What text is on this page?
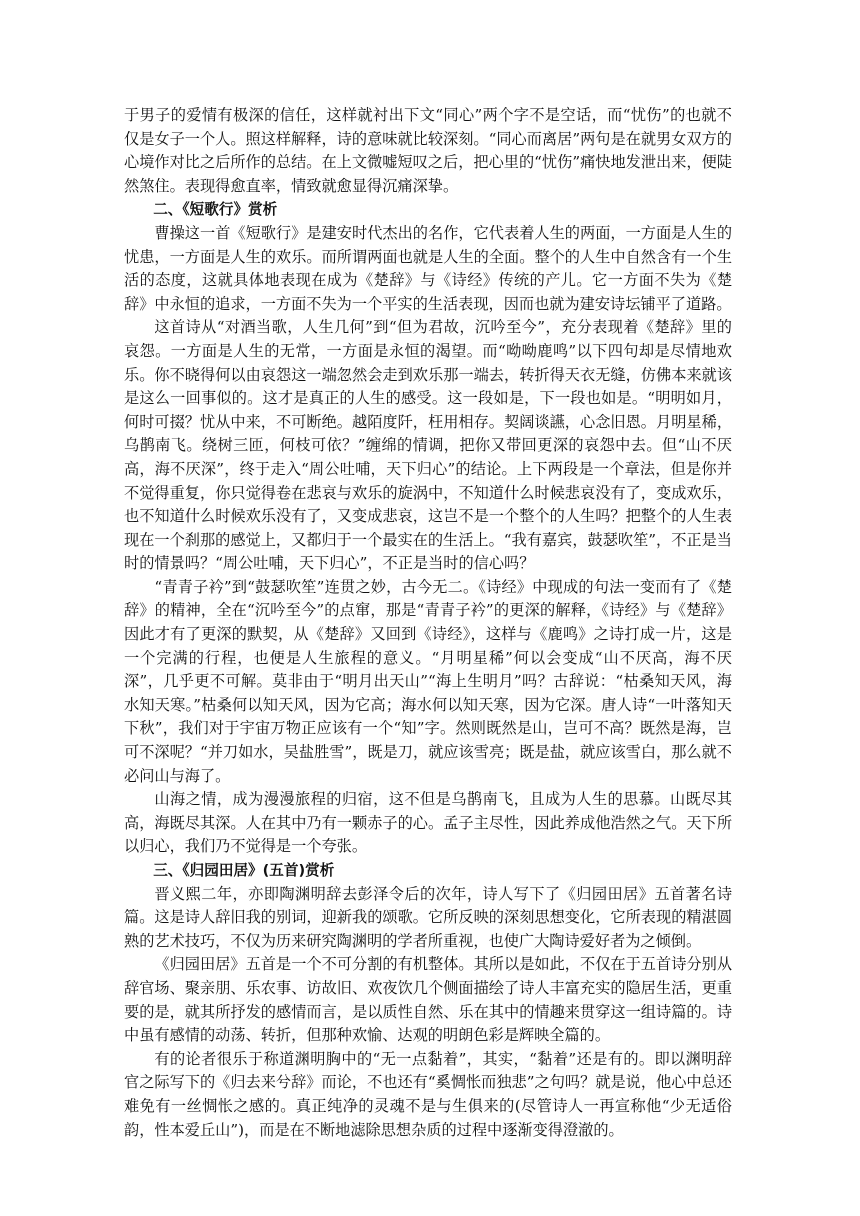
于男子的爱情有极深的信任，这样就衬出下文“同心”两个字不是空话，而“忧伤”的也就不仅是女子一个人。照这样解释，诗的意味就比较深刻。“同心而离居”两句是在就男女双方的心境作对比之后所作的总结。在上文微嘘短叹之后，把心里的“忧伤”痛快地发泄出来，便陡然煞住。表现得愈直率，情致就愈显得沉痛深挚。

二、《短歌行》赏析

曹操这一首《短歌行》是建安时代杰出的名作，它代表着人生的两面，一方面是人生的忧患，一方面是人生的欢乐。而所谓两面也就是人生的全面。整个的人生中自然含有一个生活的态度，这就具体地表现在成为《楚辞》与《诗经》传统的产儿。它一方面不失为《楚辞》中永恒的追求，一方面不失为一个平实的生活表现，因而也就为建安诗坛铺平了道路。

这首诗从“对酒当歌，人生几何”到“但为君故，沉吟至今”，充分表现着《楚辞》里的哀怨。一方面是人生的无常，一方面是永恒的渴望。而“呦呦鹿鸣”以下四句却是尽情地欢乐。你不晓得何以由哀怨这一端忽然会走到欢乐那一端去，转折得天衣无缝，仿佛本来就该是这么一回事似的。这才是真正的人生的感受。这一段如是，下一段也如是。“明明如月，何时可掇？忧从中来，不可断绝。越陌度阡，枉用相存。契阔谈讌，心念旧恩。月明星稀，乌鹊南飞。绕树三匝，何枝可依？”缠绵的情调，把你又带回更深的哀怨中去。但“山不厌高，海不厌深”，终于走入“周公吐哺，天下归心”的结论。上下两段是一个章法，但是你并不觉得重复，你只觉得卷在悲哀与欢乐的旋涡中，不知道什么时候悲哀没有了，变成欢乐，也不知道什么时候欢乐没有了，又变成悲哀，这岂不是一个整个的人生吗？把整个的人生表现在一个刹那的感觉上，又都归于一个最实在的生活上。“我有嘉宾，鼓瑟吹笙”，不正是当时的情景吗？“周公吐哺，天下归心”，不正是当时的信心吗？

“青青子衿”到“鼓瑟吹笙”连贯之妙，古今无二。《诗经》中现成的句法一变而有了《楚辞》的精神，全在“沉吟至今”的点窜，那是“青青子衿”的更深的解释，《诗经》与《楚辞》因此才有了更深的默契，从《楚辞》又回到《诗经》，这样与《鹿鸣》之诗打成一片，这是一个完满的行程，也便是人生旅程的意义。“月明星稀”何以会变成“山不厌高，海不厌深”，几乎更不可解。莫非由于“明月出天山”“海上生明月”吗？古辞说：“枯桑知天风，海水知天寒。”枯桑何以知天风，因为它高；海水何以知天寒，因为它深。唐人诗“一叶落知天下秋”，我们对于宇宙万物正应该有一个“知”字。然则既然是山，岂可不高？既然是海，岂可不深呢？“并刀如水，吴盐胜雪”，既是刀，就应该雪亮；既是盐，就应该雪白，那么就不必问山与海了。

山海之情，成为漫漫旅程的归宿，这不但是乌鹊南飞，且成为人生的思慕。山既尽其高，海既尽其深。人在其中乃有一颗赤子的心。孟子主尽性，因此养成他浩然之气。天下所以归心，我们乃不觉得是一个夸张。

三、《归园田居》(五首)赏析

晋义熙二年，亦即陶渊明辞去彭泽令后的次年，诗人写下了《归园田居》五首著名诗篇。这是诗人辞旧我的别词，迎新我的颂歌。它所反映的深刻思想变化，它所表现的精湛圆熟的艺术技巧，不仅为历来研究陶渊明的学者所重视，也使广大陶诗爱好者为之倾倒。

《归园田居》五首是一个不可分割的有机整体。其所以是如此，不仅在于五首诗分别从辞官场、聚亲朋、乐农事、访故旧、欢夜饮几个侧面描绘了诗人丰富充实的隐居生活，更重要的是，就其所抒发的感情而言，是以质性自然、乐在其中的情趣来贯穿这一组诗篇的。诗中虽有感情的动荡、转折，但那种欢愉、达观的明朗色彩是辉映全篇的。

有的论者很乐于称道渊明胸中的“无一点黏着”，其实，“黏着”还是有的。即以渊明辞官之际写下的《归去来兮辞》而论，不也还有“奚惆怅而独悲”之句吗？就是说，他心中总还难免有一丝惆怅之感的。真正纯净的灵魂不是与生俱来的(尽管诗人一再宣称他“少无适俗韵，性本爱丘山”)，而是在不断地滤除思想杂质的过程中逐渐变得澄澈的。
